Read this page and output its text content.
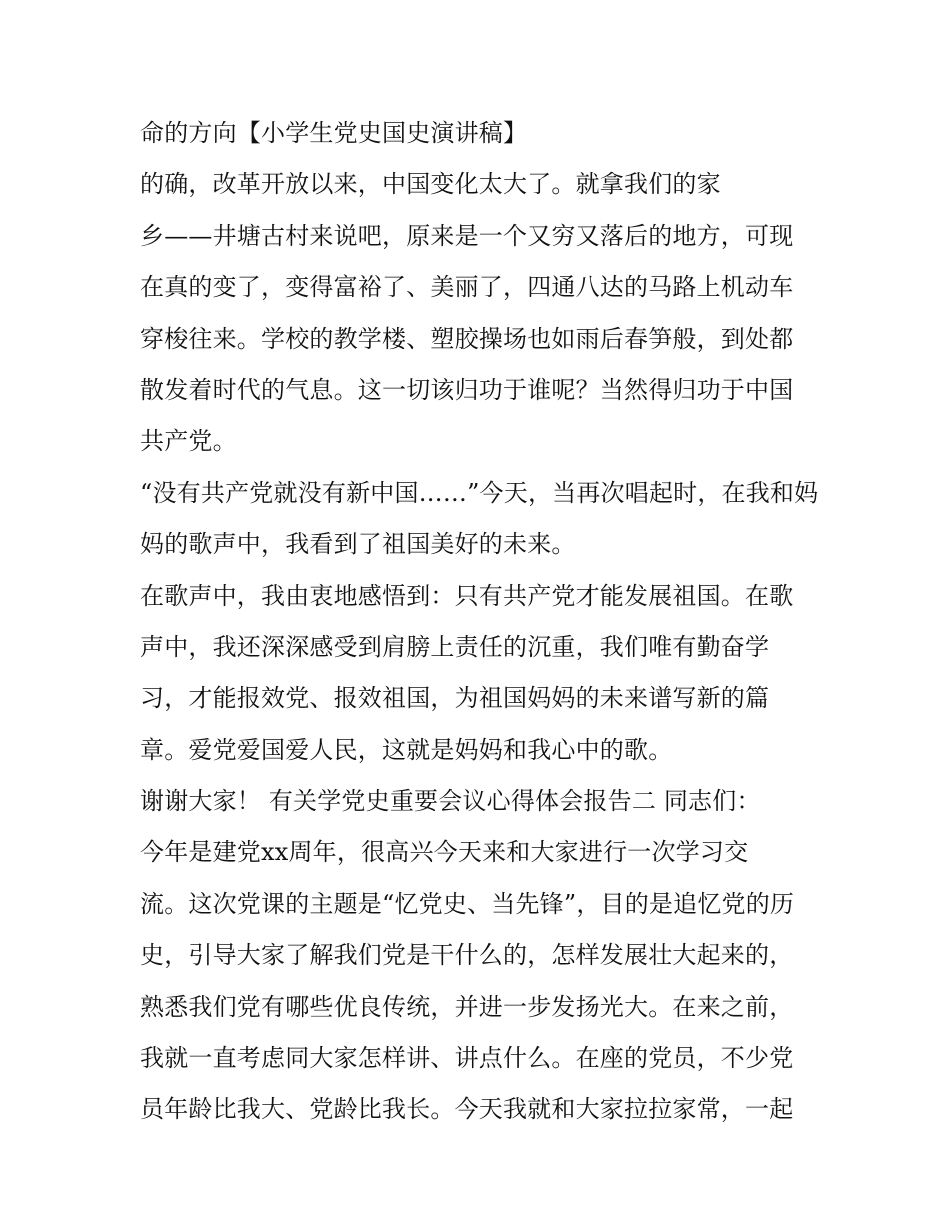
命的方向【小学生党史国史演讲稿】
的确，改革开放以来，中国变化太大了。就拿我们的家
乡——井塘古村来说吧，原来是一个又穷又落后的地方，可现
在真的变了，变得富裕了、美丽了，四通八达的马路上机动车
穿梭往来。学校的教学楼、塑胶操场也如雨后春笋般，到处都
散发着时代的气息。这一切该归功于谁呢？当然得归功于中国
共产党。
“没有共产党就没有新中国……”今天，当再次唱起时，在我和妈
妈的歌声中，我看到了祖国美好的未来。
在歌声中，我由衷地感悟到：只有共产党才能发展祖国。在歌
声中，我还深深感受到肩膀上责任的沉重，我们唯有勤奋学
习，才能报效党、报效祖国，为祖国妈妈的未来谱写新的篇
章。爱党爱国爱人民，这就是妈妈和我心中的歌。
谢谢大家！ 有关学党史重要会议心得体会报告二 同志们：
今年是建党xx周年，很高兴今天来和大家进行一次学习交
流。这次党课的主题是“忆党史、当先锋”，目的是追忆党的历
史，引导大家了解我们党是干什么的，怎样发展壮大起来的，
熟悉我们党有哪些优良传统，并进一步发扬光大。在来之前，
我就一直考虑同大家怎样讲、讲点什么。在座的党员，不少党
员年龄比我大、党龄比我长。今天我就和大家拉拉家常，一起
